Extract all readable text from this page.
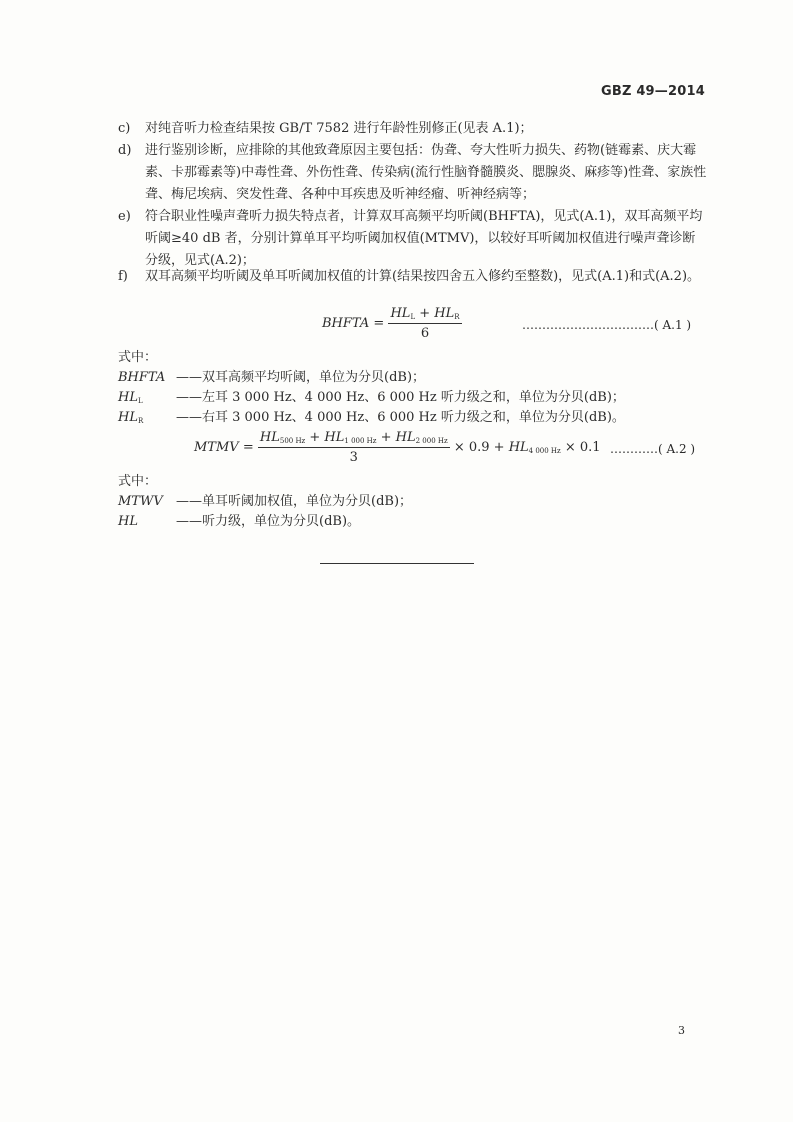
GBZ 49—2014
c) 对纯音听力检查结果按 GB/T 7582 进行年龄性别修正(见表 A.1)；
d) 进行鉴别诊断，应排除的其他致聋原因主要包括：伪聋、夸大性听力损失、药物(链霉素、庆大霉素、卡那霉素等)中毒性聋、外伤性聋、传染病(流行性脑脊髓膜炎、腮腺炎、麻疹等)性聋、家族性聋、梅尼埃病、突发性聋、各种中耳疾患及听神经瘤、听神经病等；
e) 符合职业性噪声聋听力损失特点者，计算双耳高频平均听阈(BHFTA)，见式(A.1)，双耳高频平均听阈≥40 dB 者，分别计算单耳平均听阈加权值(MTMV)，以较好耳听阈加权值进行噪声聋诊断分级，见式(A.2)；
f) 双耳高频平均听阈及单耳听阈加权值的计算(结果按四舍五入修约至整数)，见式(A.1)和式(A.2)。
BHFTA = $\frac{HL_L + HL_R}{6}$	……………………………( A.1 )
式中：
BHFTA ——双耳高频平均听阈，单位为分贝(dB)；
$HL_L$	——左耳 3 000 Hz、4 000 Hz、6 000 Hz 听力级之和，单位为分贝(dB)；
$HL_R$	——右耳 3 000 Hz、4 000 Hz、6 000 Hz 听力级之和，单位为分贝(dB)。
MTMV = $\frac{HL_{500 Hz} + HL_{1 000 Hz} + HL_{2 000 Hz}}{3} \times 0.9 + HL_{4 000 Hz} \times 0.1$ …………( A.2 )
式中：
MTWV ——单耳听阈加权值，单位为分贝(dB)；
HL	——听力级，单位为分贝(dB)。
3
